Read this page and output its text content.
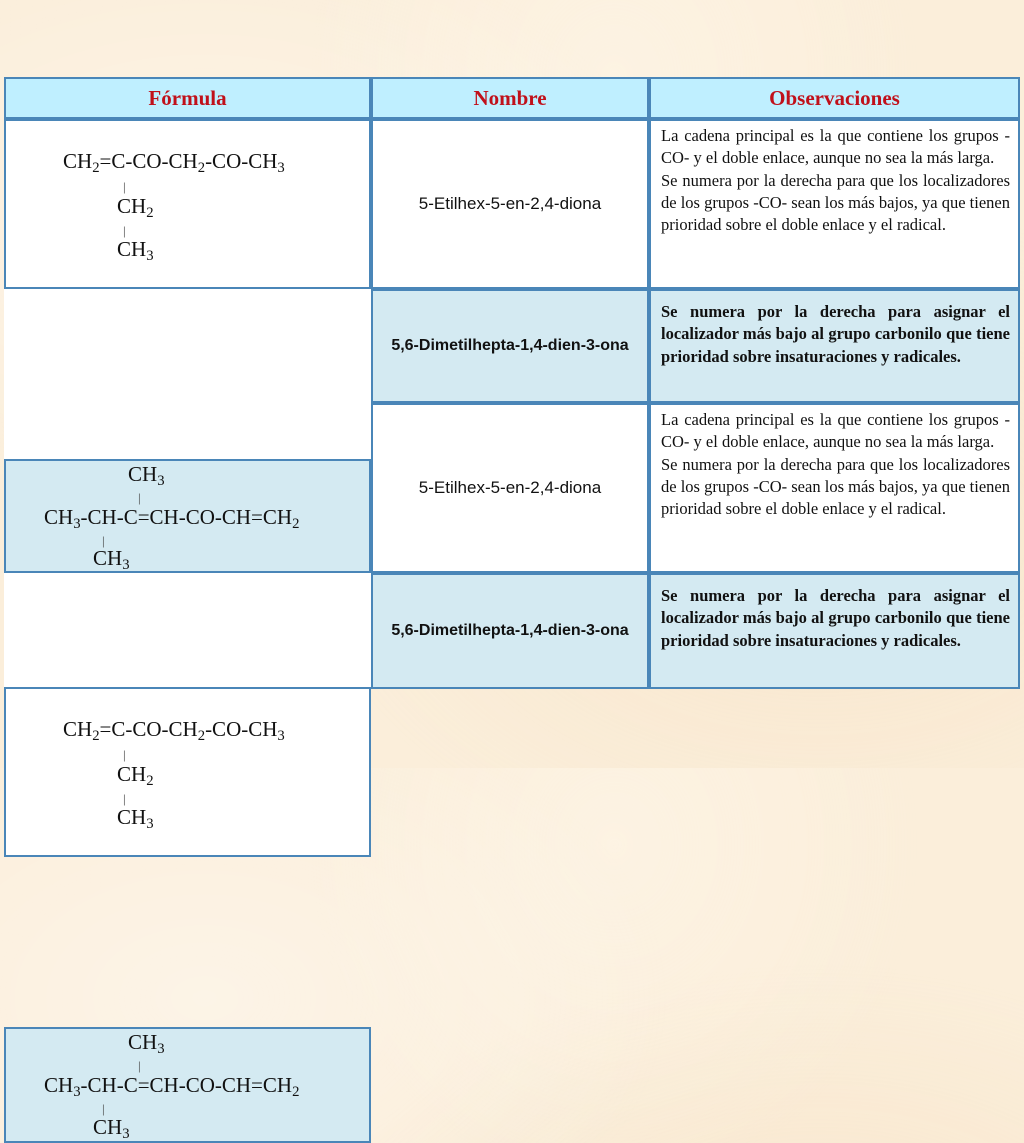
Fórmula	Nombre	Observaciones
$CH_2=C-CO-CH_2-CO-CH_3$
|
$CH_2$
|
$CH_3$
5-Etilhex-5-en-2,4-diona

La cadena principal es la que contiene los grupos -CO- y el doble enlace, aunque no sea la más larga.

Se numera por la derecha para que los localizadores de los grupos -CO- sean los más bajos, ya que tienen prioridad sobre el doble enlace y el radical.

$CH_3$
|
$CH_3-CH-C=CH-CO-CH=CH_2$
|
$CH_3$
5,6-Dimetilhepta-1,4-dien-3-ona

Se numera por la derecha para asignar el localizador más bajo al grupo carbonilo que tiene prioridad sobre insaturaciones y radicales.

$CH_2=C-CO-CH_2-CO-CH_3$
|
$CH_2$
|
$CH_3$
5-Etilhex-5-en-2,4-diona

La cadena principal es la que contiene los grupos -CO- y el doble enlace, aunque no sea la más larga.

Se numera por la derecha para que los localizadores de los grupos -CO- sean los más bajos, ya que tienen prioridad sobre el doble enlace y el radical.

$CH_3$
|
$CH_3-CH-C=CH-CO-CH=CH_2$
|
$CH_3$
5,6-Dimetilhepta-1,4-dien-3-ona

Se numera por la derecha para asignar el localizador más bajo al grupo carbonilo que tiene prioridad sobre insaturaciones y radicales.
